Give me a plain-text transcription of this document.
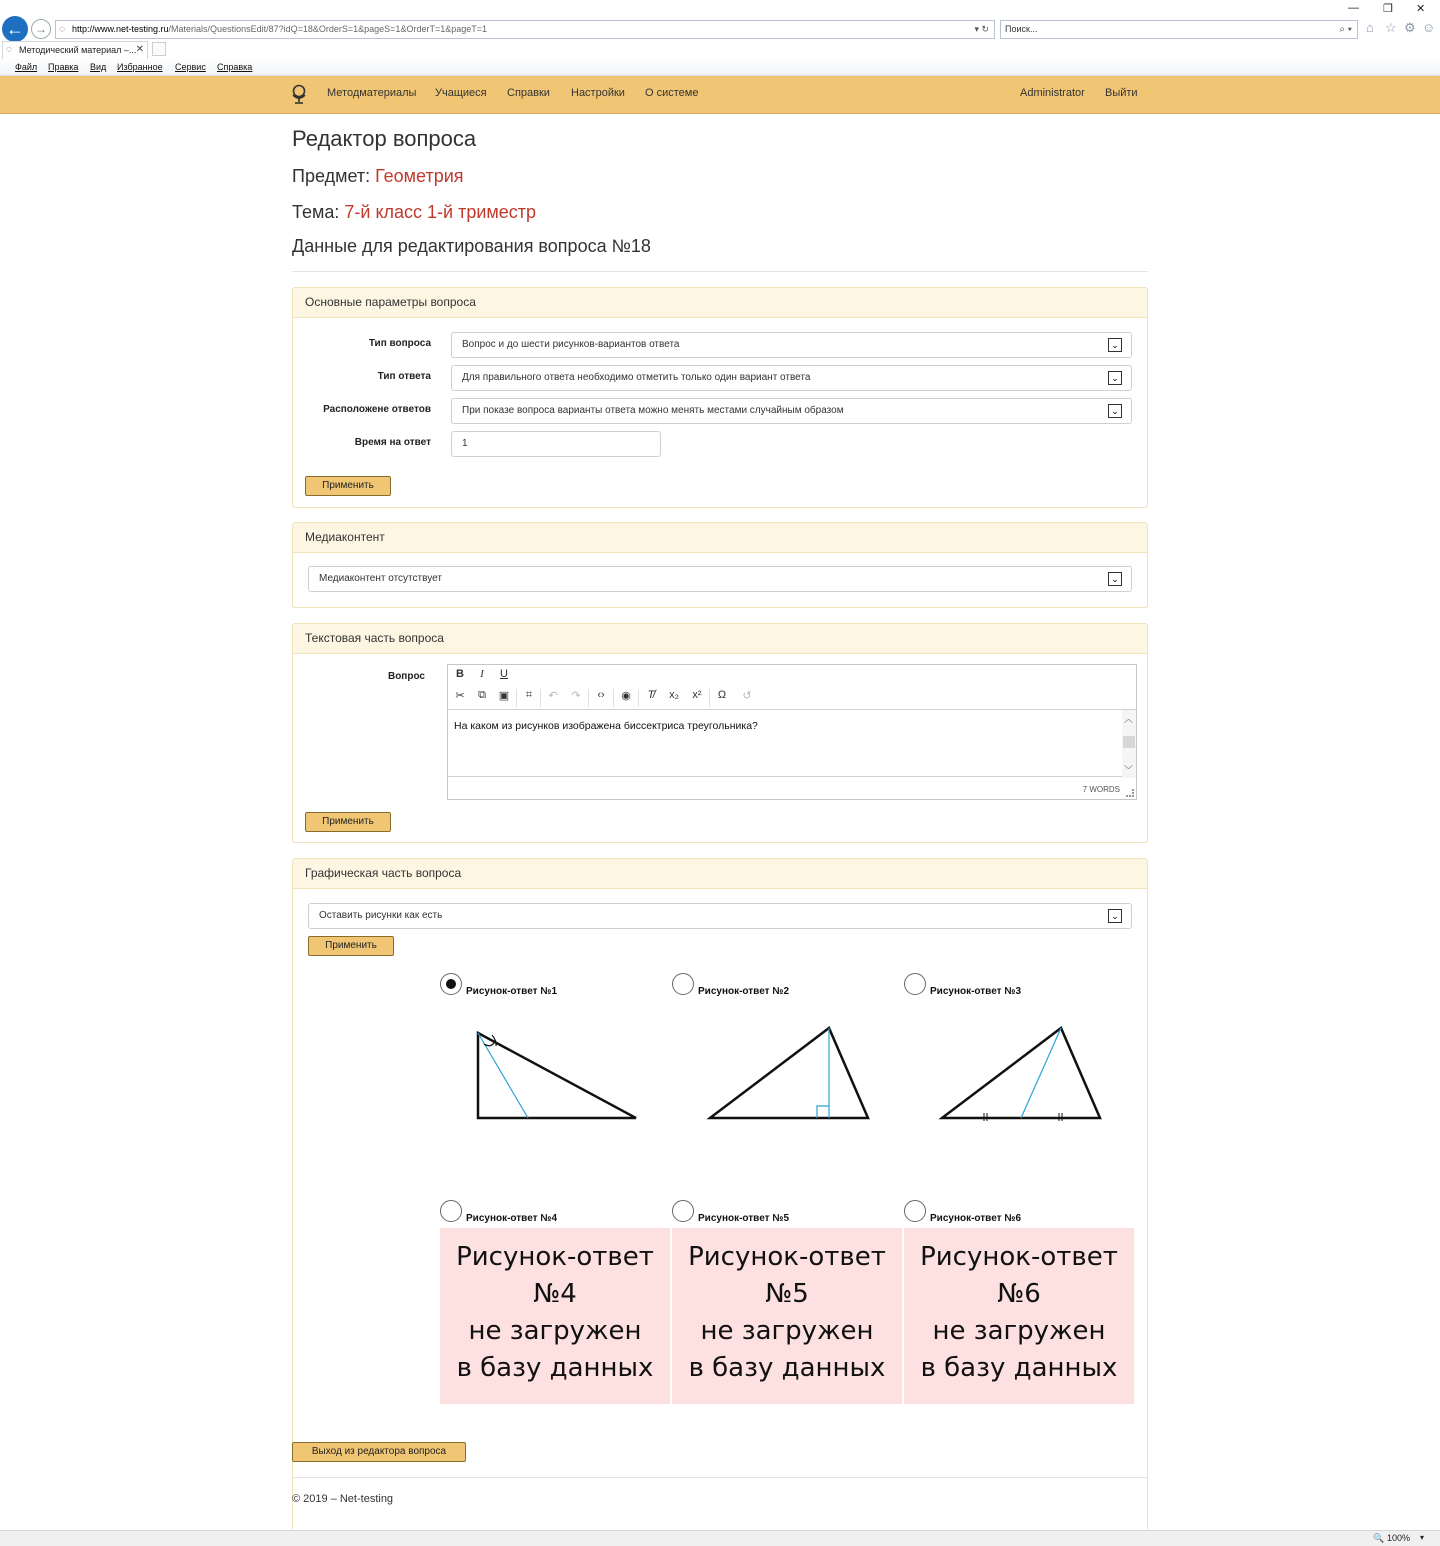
← →	◌ http://www.net-testing.ru/Materials/QuestionsEdit/87?idQ=18&OrderS=1&pageS=1&OrderT=1&pageT=1	▾ ↻	Поиск...	⌕ ▾
— ❐ ✕
⌂ ☆ ⚙ ☺
◌ Методический материал –... ✕
Файл Правка Вид Избранное Сервис Справка
Методматериалы Учащиеся Справки Настройки О системе	Administrator Выйти
Редактор вопроса
Предмет: Геометрия
Тема: 7-й класс 1-й триместр
Данные для редактирования вопроса №18
Основные параметры вопроса
Тип вопроса	Вопрос и до шести рисунков-вариантов ответа	⌄
Тип ответа	Для правильного ответа необходимо отметить только один вариант ответа	⌄
Расположене ответов	При показе вопроса варианты ответа можно менять местами случайным образом	⌄
Время на ответ	1
Применить
Медиаконтент
Медиаконтент отсутствует	⌄
Текстовая часть вопроса
Вопрос	B	I	U
✂	⧉	▣	⌗	↶	↷	‹›	◉	T̸	x₂	x²	Ω	↺
На каком из рисунков изображена биссектриса треугольника?
︿
﹀
7 WORDS
Применить
Графическая часть вопроса
Оставить рисунки как есть	⌄
Применить
Рисунок-ответ №1	Рисунок-ответ №2	Рисунок-ответ №3
Рисунок-ответ №4
Рисунок-ответ
№4
не загружен
в базу данных
Рисунок-ответ №5
Рисунок-ответ
№5
не загружен
в базу данных
Рисунок-ответ №6
Рисунок-ответ
№6
не загружен
в базу данных
Выход из редактора вопроса
© 2019 – Net-testing
🔍 100% ▾
